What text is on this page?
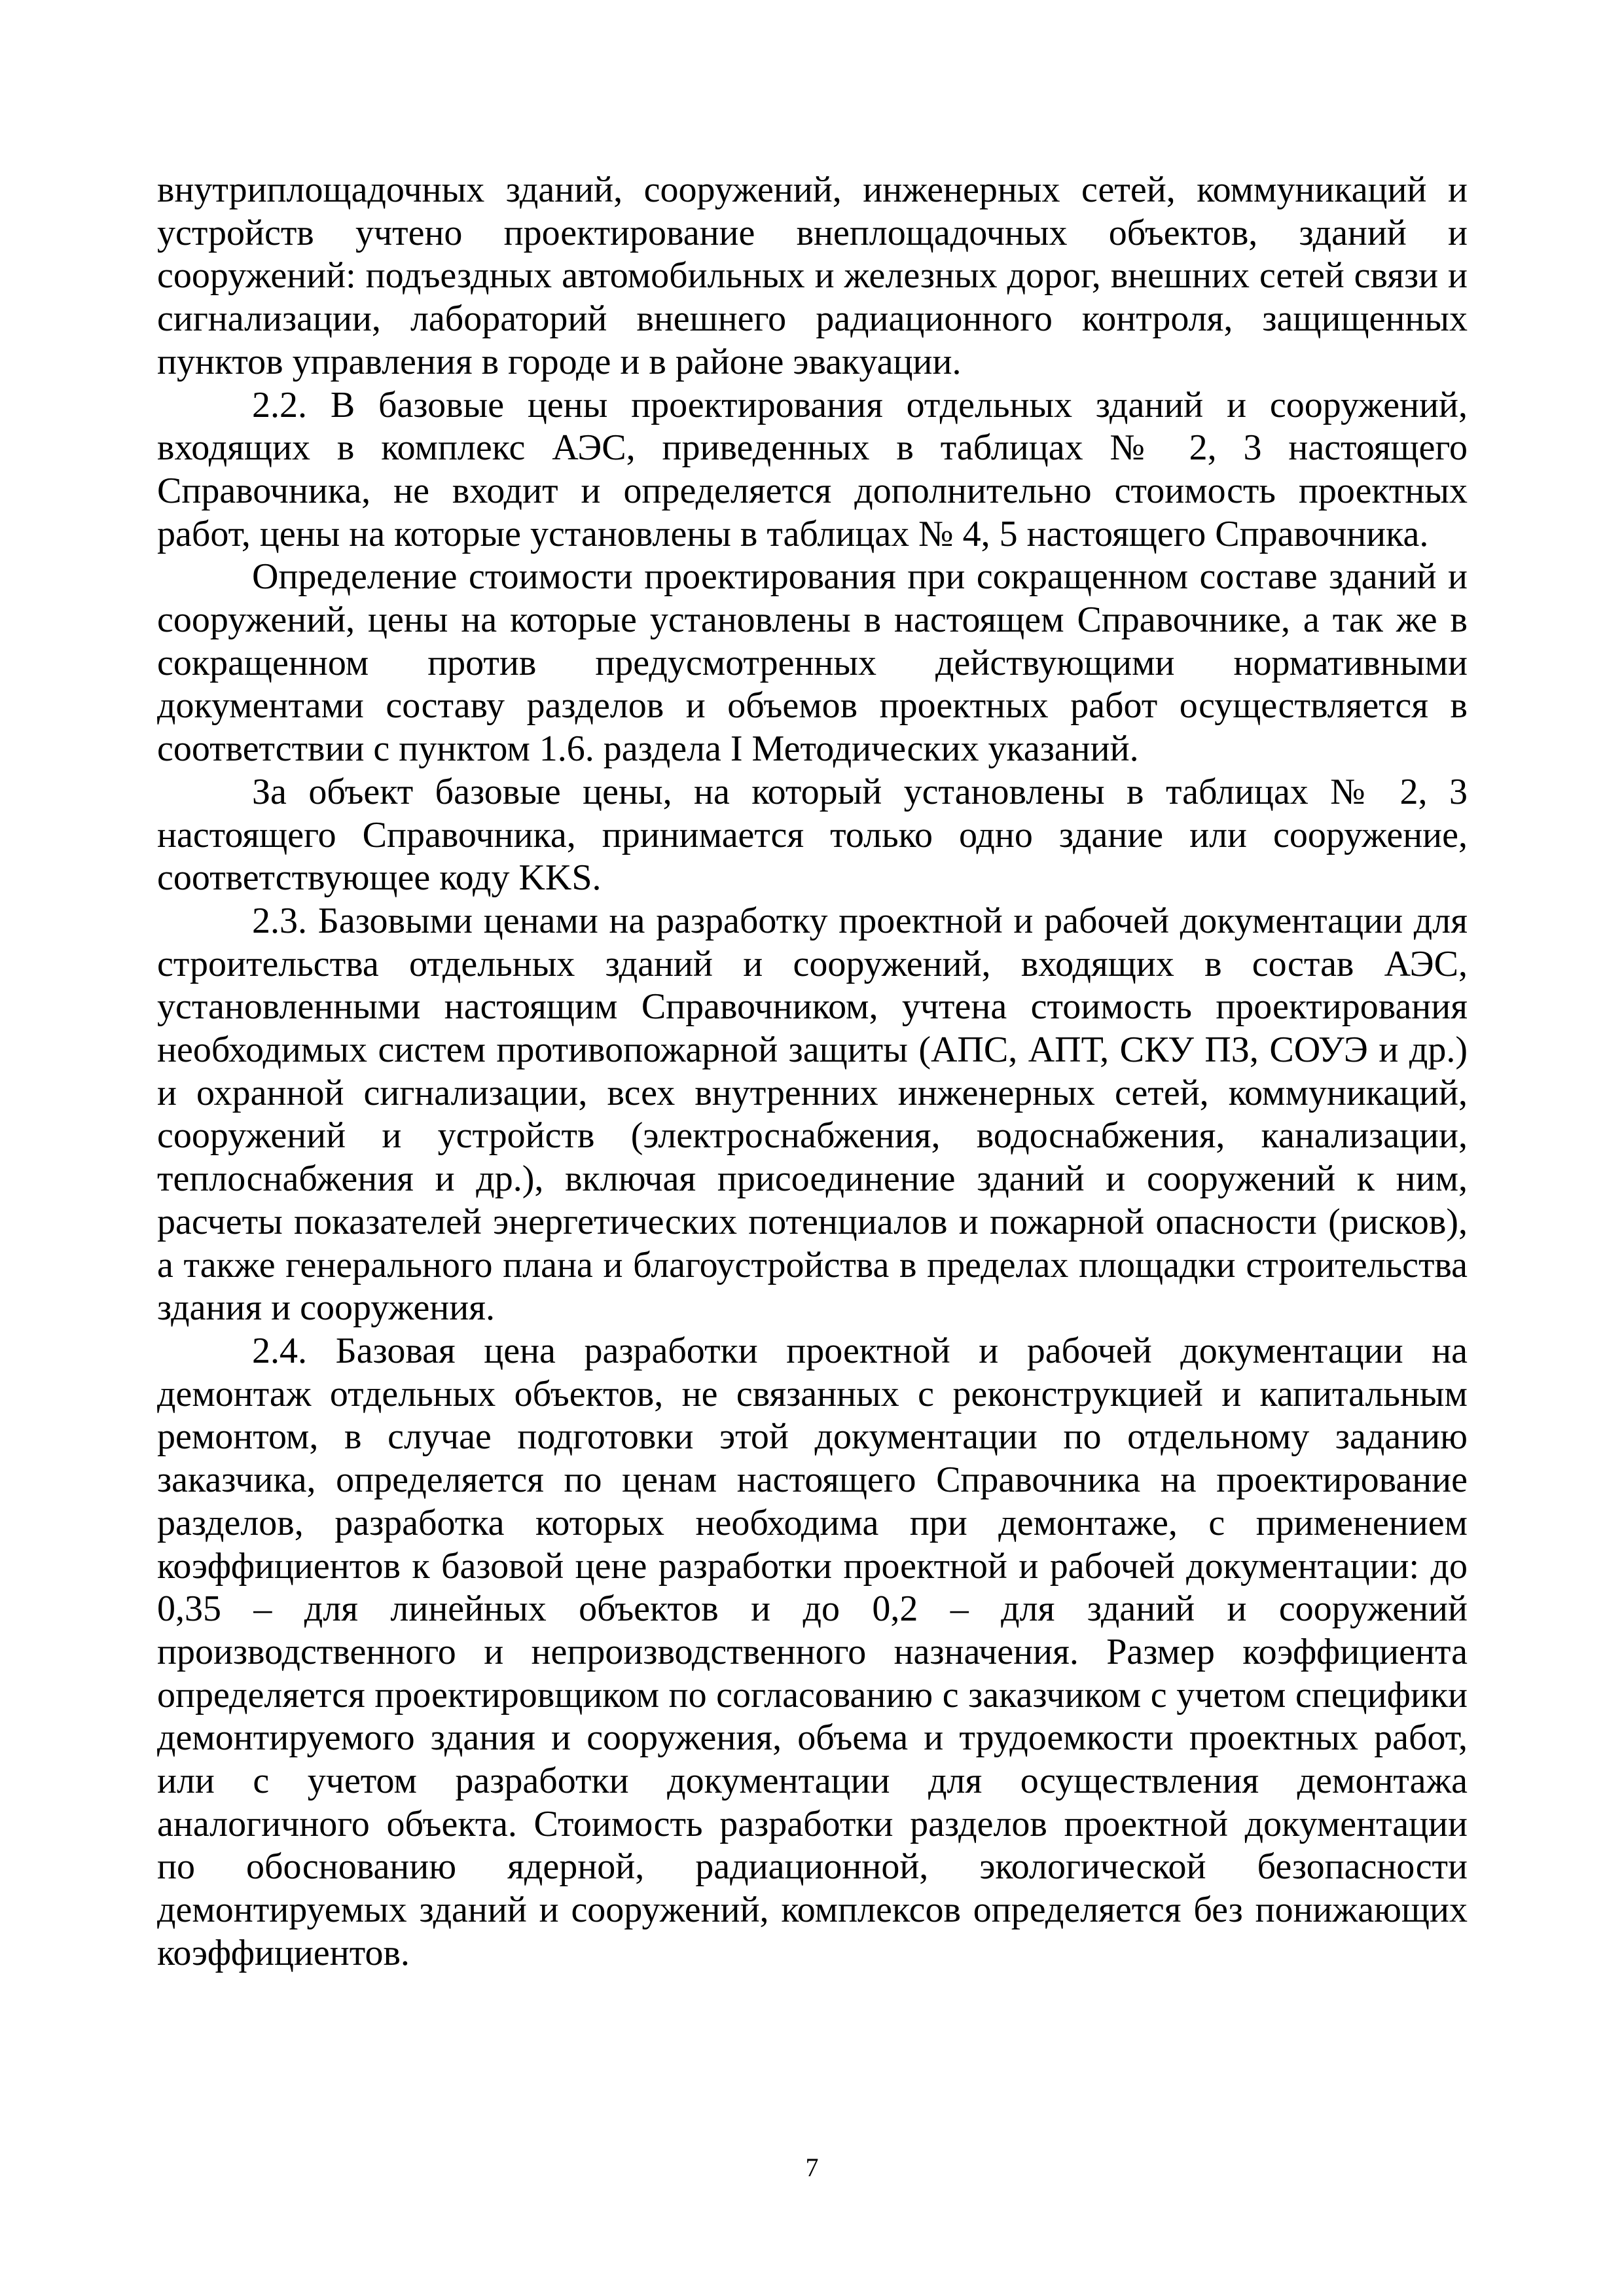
внутриплощадочных зданий, сооружений, инженерных сетей, коммуникаций и устройств учтено проектирование внеплощадочных объектов, зданий и сооружений: подъездных автомобильных и железных дорог, внешних сетей связи и сигнализации, лабораторий внешнего радиационного контроля, защищенных пунктов управления в городе и в районе эвакуации.

2.2. В базовые цены проектирования отдельных зданий и сооружений, входящих в комплекс АЭС, приведенных в таблицах № 2, 3 настоящего Справочника, не входит и определяется дополнительно стоимость проектных работ, цены на которые установлены в таблицах № 4, 5 настоящего Справочника.

Определение стоимости проектирования при сокращенном составе зданий и сооружений, цены на которые установлены в настоящем Справочнике, а так же в сокращенном против предусмотренных действующими нормативными документами составу разделов и объемов проектных работ осуществляется в соответствии с пунктом 1.6. раздела I Методических указаний.

За объект базовые цены, на который установлены в таблицах № 2, 3 настоящего Справочника, принимается только одно здание или сооружение, соответствующее коду KKS.

2.3. Базовыми ценами на разработку проектной и рабочей документации для строительства отдельных зданий и сооружений, входящих в состав АЭС, установленными настоящим Справочником, учтена стоимость проектирования необходимых систем противопожарной защиты (АПС, АПТ, СКУ ПЗ, СОУЭ и др.) и охранной сигнализации, всех внутренних инженерных сетей, коммуникаций, сооружений и устройств (электроснабжения, водоснабжения, канализации, теплоснабжения и др.), включая присоединение зданий и сооружений к ним, расчеты показателей энергетических потенциалов и пожарной опасности (рисков), а также генерального плана и благоустройства в пределах площадки строительства здания и сооружения.

2.4. Базовая цена разработки проектной и рабочей документации на демонтаж отдельных объектов, не связанных с реконструкцией и капитальным ремонтом, в случае подготовки этой документации по отдельному заданию заказчика, определяется по ценам настоящего Справочника на проектирование разделов, разработка которых необходима при демонтаже, с применением коэффициентов к базовой цене разработки проектной и рабочей документации: до 0,35 – для линейных объектов и до 0,2 – для зданий и сооружений производственного и непроизводственного назначения. Размер коэффициента определяется проектировщиком по согласованию с заказчиком с учетом специфики демонтируемого здания и сооружения, объема и трудоемкости проектных работ, или с учетом разработки документации для осуществления демонтажа аналогичного объекта. Стоимость разработки разделов проектной документации по обоснованию ядерной, радиационной, экологической безопасности демонтируемых зданий и сооружений, комплексов определяется без понижающих коэффициентов.

7
